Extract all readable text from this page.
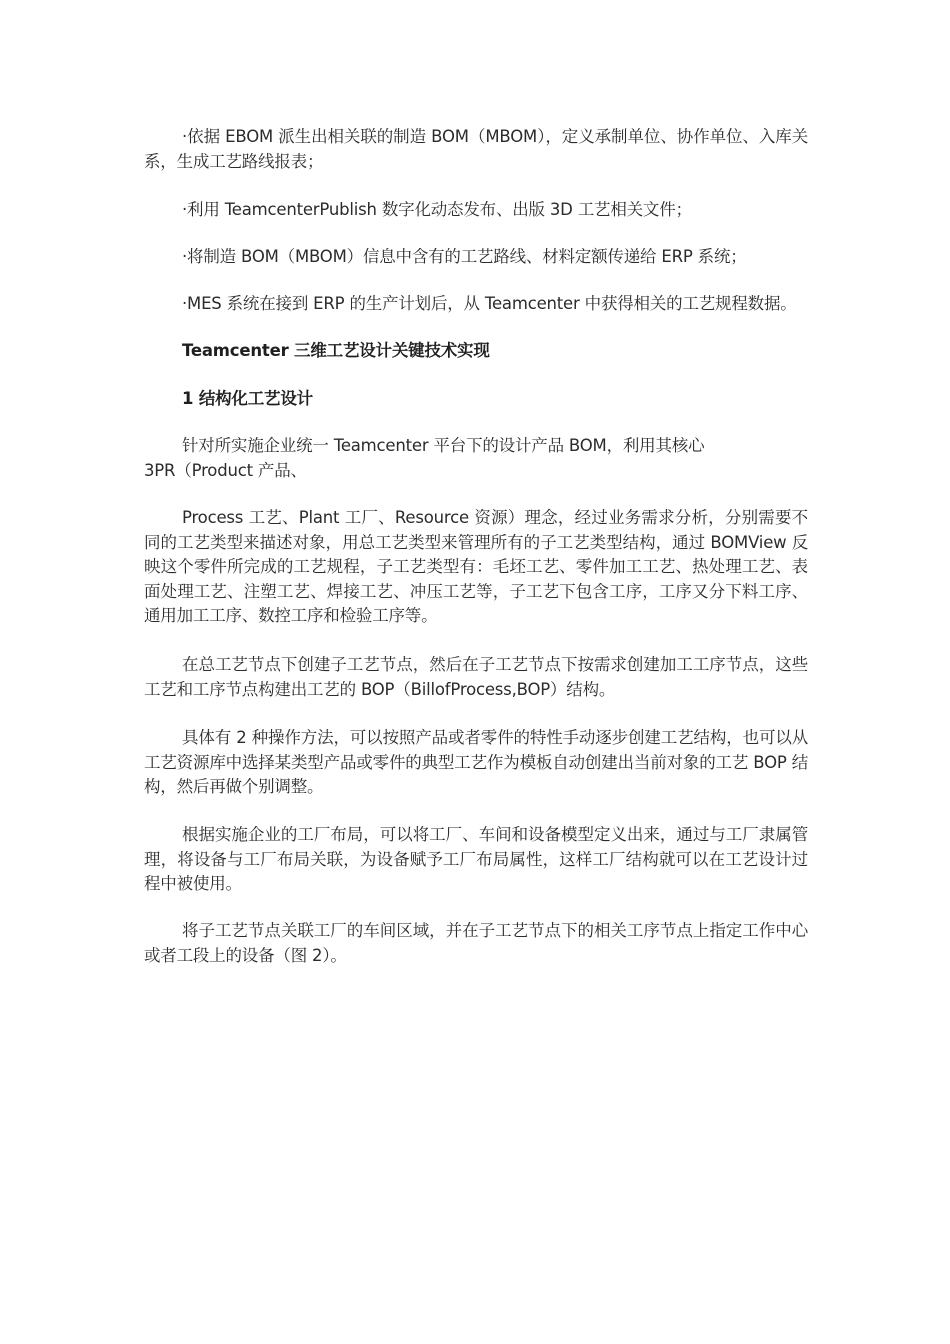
·依据 EBOM 派生出相关联的制造 BOM（MBOM），定义承制单位、协作单位、入库关系，生成工艺路线报表；

·利用 TeamcenterPublish 数字化动态发布、出版 3D 工艺相关文件；

·将制造 BOM（MBOM）信息中含有的工艺路线、材料定额传递给 ERP 系统；

·MES 系统在接到 ERP 的生产计划后，从 Teamcenter 中获得相关的工艺规程数据。

Teamcenter 三维工艺设计关键技术实现

1 结构化工艺设计

针对所实施企业统一 Teamcenter 平台下的设计产品 BOM，利用其核心
3PR（Product 产品、

Process 工艺、Plant 工厂、Resource 资源）理念，经过业务需求分析，分别需要不同的工艺类型来描述对象，用总工艺类型来管理所有的子工艺类型结构，通过 BOMView 反映这个零件所完成的工艺规程，子工艺类型有：毛坯工艺、零件加工工艺、热处理工艺、表面处理工艺、注塑工艺、焊接工艺、冲压工艺等，子工艺下包含工序，工序又分下料工序、通用加工工序、数控工序和检验工序等。

在总工艺节点下创建子工艺节点，然后在子工艺节点下按需求创建加工工序节点，这些工艺和工序节点构建出工艺的 BOP（BillofProcess,BOP）结构。

具体有 2 种操作方法，可以按照产品或者零件的特性手动逐步创建工艺结构，也可以从工艺资源库中选择某类型产品或零件的典型工艺作为模板自动创建出当前对象的工艺 BOP 结构，然后再做个别调整。

根据实施企业的工厂布局，可以将工厂、车间和设备模型定义出来，通过与工厂隶属管理，将设备与工厂布局关联，为设备赋予工厂布局属性，这样工厂结构就可以在工艺设计过程中被使用。

将子工艺节点关联工厂的车间区域，并在子工艺节点下的相关工序节点上指定工作中心或者工段上的设备（图 2）。
